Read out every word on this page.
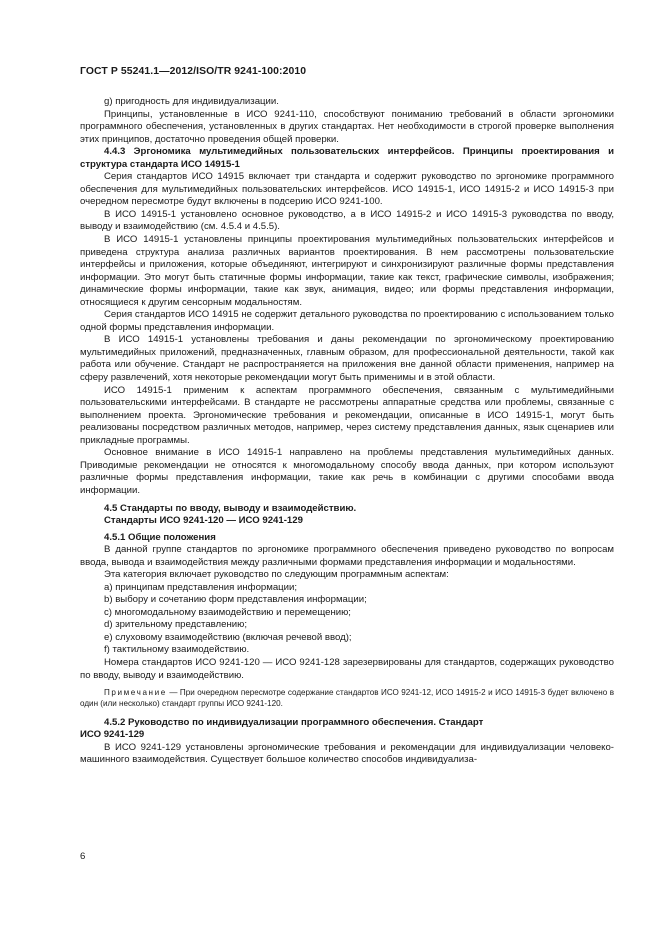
ГОСТ Р 55241.1—2012/ISO/TR 9241-100:2010

g) пригодность для индивидуализации.

Принципы, установленные в ИСО 9241-110, способствуют пониманию требований в области эргономики программного обеспечения, установленных в других стандартах. Нет необходимости в строгой проверке выполнения этих принципов, достаточно проведения общей проверки.

4.4.3 Эргономика мультимедийных пользовательских интерфейсов. Принципы проектирования и структура стандарта ИСО 14915-1

Серия стандартов ИСО 14915 включает три стандарта и содержит руководство по эргономике программного обеспечения для мультимедийных пользовательских интерфейсов. ИСО 14915-1, ИСО 14915-2 и ИСО 14915-3 при очередном пересмотре будут включены в подсерию ИСО 9241-100.

В ИСО 14915-1 установлено основное руководство, а в ИСО 14915-2 и ИСО 14915-3 руководства по вводу, выводу и взаимодействию (см. 4.5.4 и 4.5.5).

В ИСО 14915-1 установлены принципы проектирования мультимедийных пользовательских интерфейсов и приведена структура анализа различных вариантов проектирования. В нем рассмотрены пользовательские интерфейсы и приложения, которые объединяют, интегрируют и синхронизируют различные формы представления информации. Это могут быть статичные формы информации, такие как текст, графические символы, изображения; динамические формы информации, такие как звук, анимация, видео; или формы представления информации, относящиеся к другим сенсорным модальностям.

Серия стандартов ИСО 14915 не содержит детального руководства по проектированию с использованием только одной формы представления информации.

В ИСО 14915-1 установлены требования и даны рекомендации по эргономическому проектированию мультимедийных приложений, предназначенных, главным образом, для профессиональной деятельности, такой как работа или обучение. Стандарт не распространяется на приложения вне данной области применения, например на сферу развлечений, хотя некоторые рекомендации могут быть применимы и в этой области.

ИСО 14915-1 применим к аспектам программного обеспечения, связанным с мультимедийными пользовательскими интерфейсами. В стандарте не рассмотрены аппаратные средства или проблемы, связанные с выполнением проекта. Эргономические требования и рекомендации, описанные в ИСО 14915-1, могут быть реализованы посредством различных методов, например, через систему представления данных, язык сценариев или прикладные программы.

Основное внимание в ИСО 14915-1 направлено на проблемы представления мультимедийных данных. Приводимые рекомендации не относятся к многомодальному способу ввода данных, при котором используют различные формы представления информации, такие как речь в комбинации с другими способами ввода информации.

4.5 Стандарты по вводу, выводу и взаимодействию.
Стандарты ИСО 9241-120 — ИСО 9241-129
4.5.1 Общие положения

В данной группе стандартов по эргономике программного обеспечения приведено руководство по вопросам ввода, вывода и взаимодействия между различными формами представления информации и модальностями.

Эта категория включает руководство по следующим программным аспектам:

а) принципам представления информации;

b) выбору и сочетанию форм представления информации;

c) многомодальному взаимодействию и перемещению;

d) зрительному представлению;

е) слуховому взаимодействию (включая речевой ввод);

f) тактильному взаимодействию.

Номера стандартов ИСО 9241-120 — ИСО 9241-128 зарезервированы для стандартов, содержащих руководство по вводу, выводу и взаимодействию.

Примечание — При очередном пересмотре содержание стандартов ИСО 9241-12, ИСО 14915-2 и ИСО 14915-3 будет включено в один (или несколько) стандарт группы ИСО 9241-120.

4.5.2 Руководство по индивидуализации программного обеспечения. Стандарт
ИСО 9241-129

В ИСО 9241-129 установлены эргономические требования и рекомендации для индивидуализации человеко-машинного взаимодействия. Существует большое количество способов индивидуализа-

6
